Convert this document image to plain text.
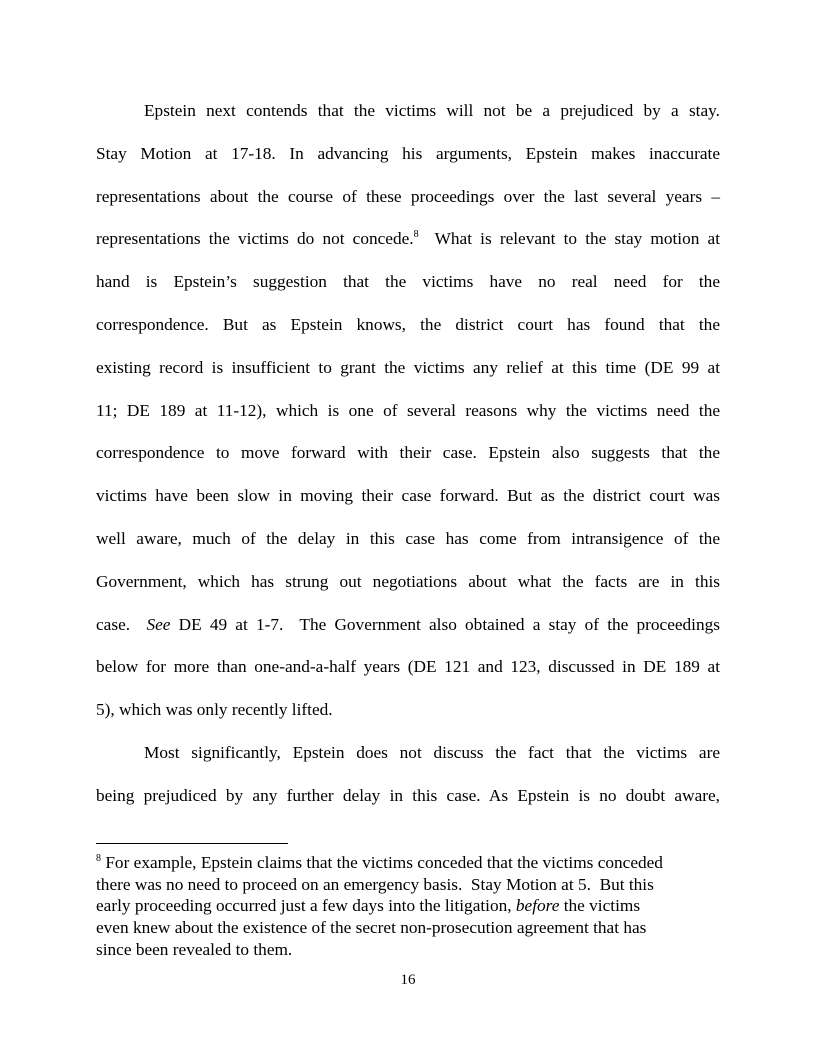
Epstein next contends that the victims will not be a prejudiced by a stay.
Stay Motion at 17-18. In advancing his arguments, Epstein makes inaccurate
representations about the course of these proceedings over the last several years –
representations the victims do not concede.$^8$  What is relevant to the stay motion at
hand is Epstein’s suggestion that the victims have no real need for the
correspondence. But as Epstein knows, the district court has found that the
existing record is insufficient to grant the victims any relief at this time (DE 99 at
11; DE 189 at 11-12), which is one of several reasons why the victims need the
correspondence to move forward with their case. Epstein also suggests that the
victims have been slow in moving their case forward. But as the district court was
well aware, much of the delay in this case has come from intransigence of the
Government, which has strung out negotiations about what the facts are in this
case.  See DE 49 at 1-7.  The Government also obtained a stay of the proceedings
below for more than one-and-a-half years (DE 121 and 123, discussed in DE 189 at
5), which was only recently lifted.
Most significantly, Epstein does not discuss the fact that the victims are
being prejudiced by any further delay in this case. As Epstein is no doubt aware,
$^8$ For example, Epstein claims that the victims conceded that the victims conceded
there was no need to proceed on an emergency basis.  Stay Motion at 5.  But this
early proceeding occurred just a few days into the litigation, before the victims
even knew about the existence of the secret non-prosecution agreement that has
since been revealed to them.
16
